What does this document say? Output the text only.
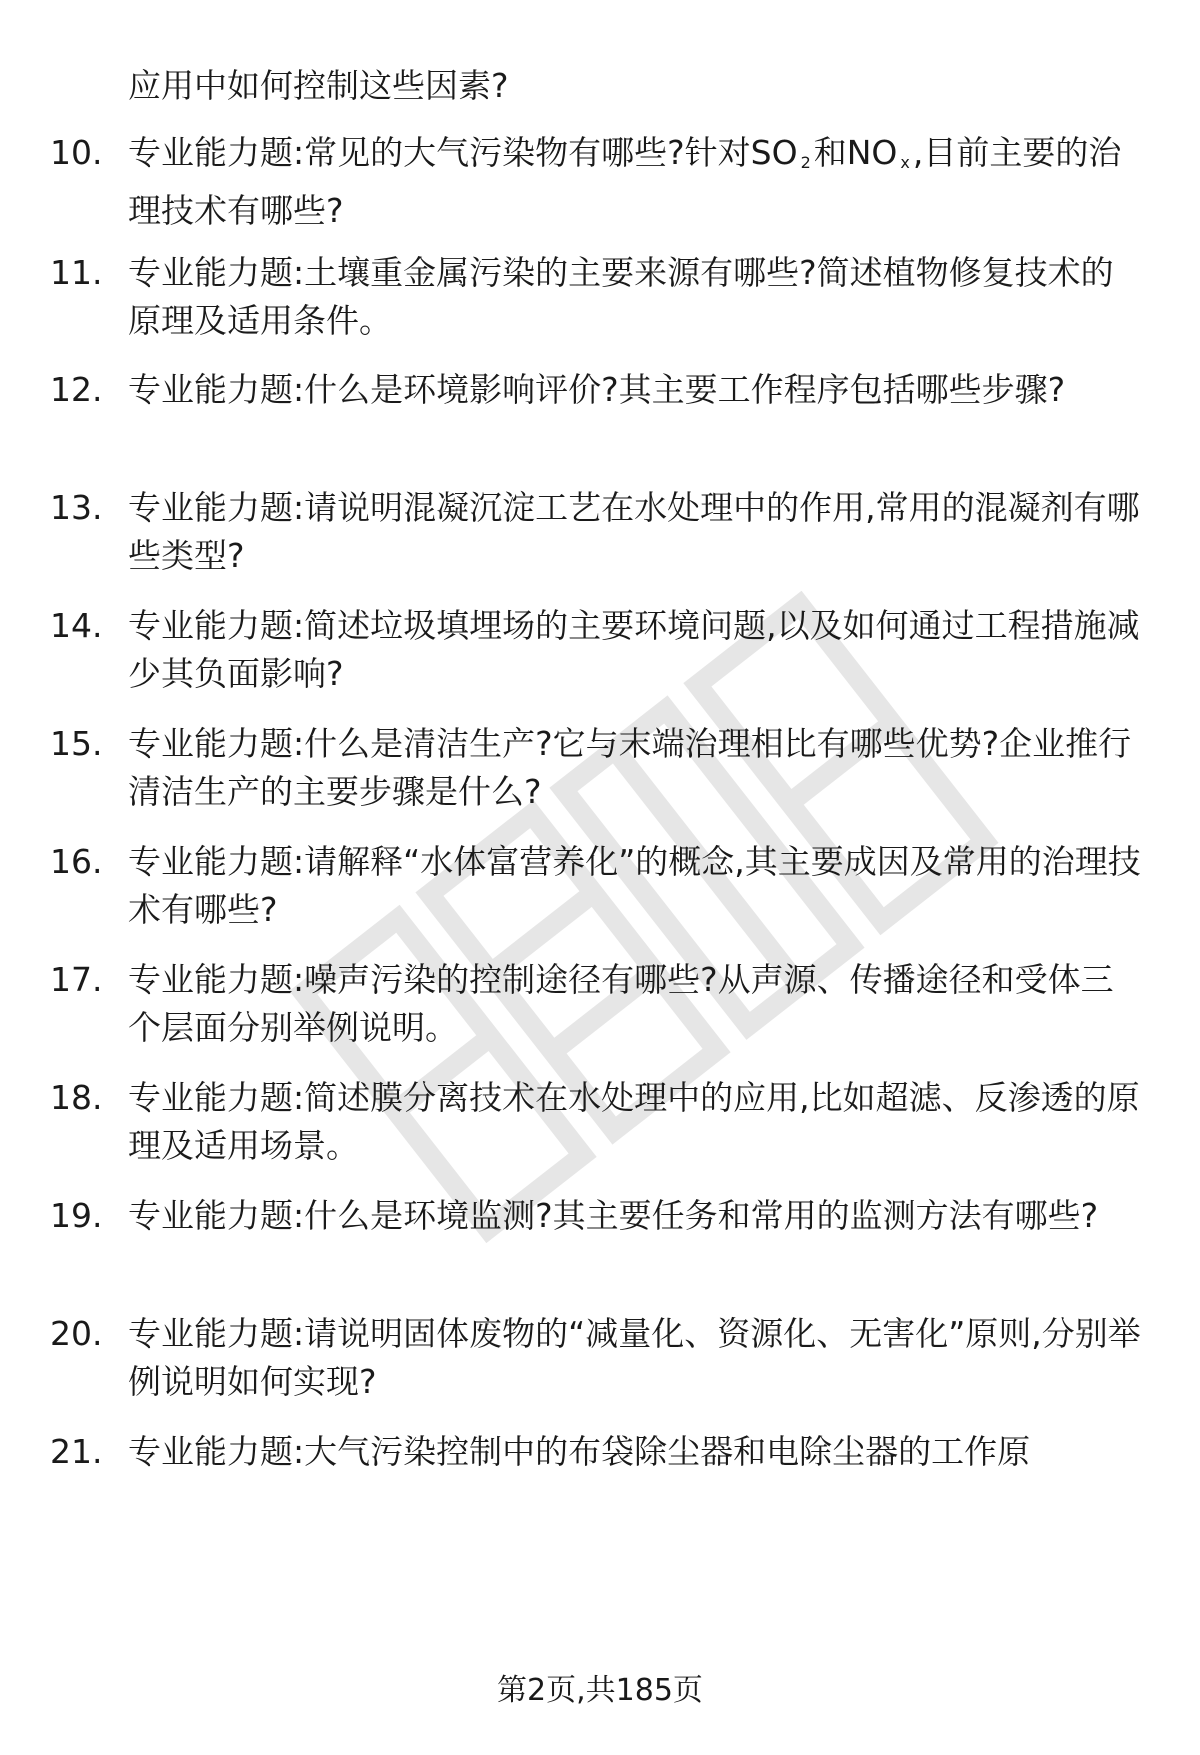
应用中如何控制这些因素?
10. 专业能力题:常见的大气污染物有哪些?针对SO $_2$和NO $_x$,目前主要的治理技术有哪些?
11. 专业能力题:土壤重金属污染的主要来源有哪些?简述植物修复技术的原理及适用条件。
12. 专业能力题:什么是环境影响评价?其主要工作程序包括哪些步骤?
13. 专业能力题:请说明混凝沉淀工艺在水处理中的作用,常用的混凝剂有哪些类型?
14. 专业能力题:简述垃圾填埋场的主要环境问题,以及如何通过工程措施减少其负面影响?
15. 专业能力题:什么是清洁生产?它与末端治理相比有哪些优势?企业推行清洁生产的主要步骤是什么?
16. 专业能力题:请解释“水体富营养化”的概念,其主要成因及常用的治理技术有哪些?
17. 专业能力题:噪声污染的控制途径有哪些?从声源、传播途径和受体三个层面分别举例说明。
18. 专业能力题:简述膜分离技术在水处理中的应用,比如超滤、反渗透的原理及适用场景。
19. 专业能力题:什么是环境监测?其主要任务和常用的监测方法有哪些?
20. 专业能力题:请说明固体废物的“减量化、资源化、无害化”原则,分别举例说明如何实现?
21. 专业能力题:大气污染控制中的布袋除尘器和电除尘器的工作原
第2页,共185页
